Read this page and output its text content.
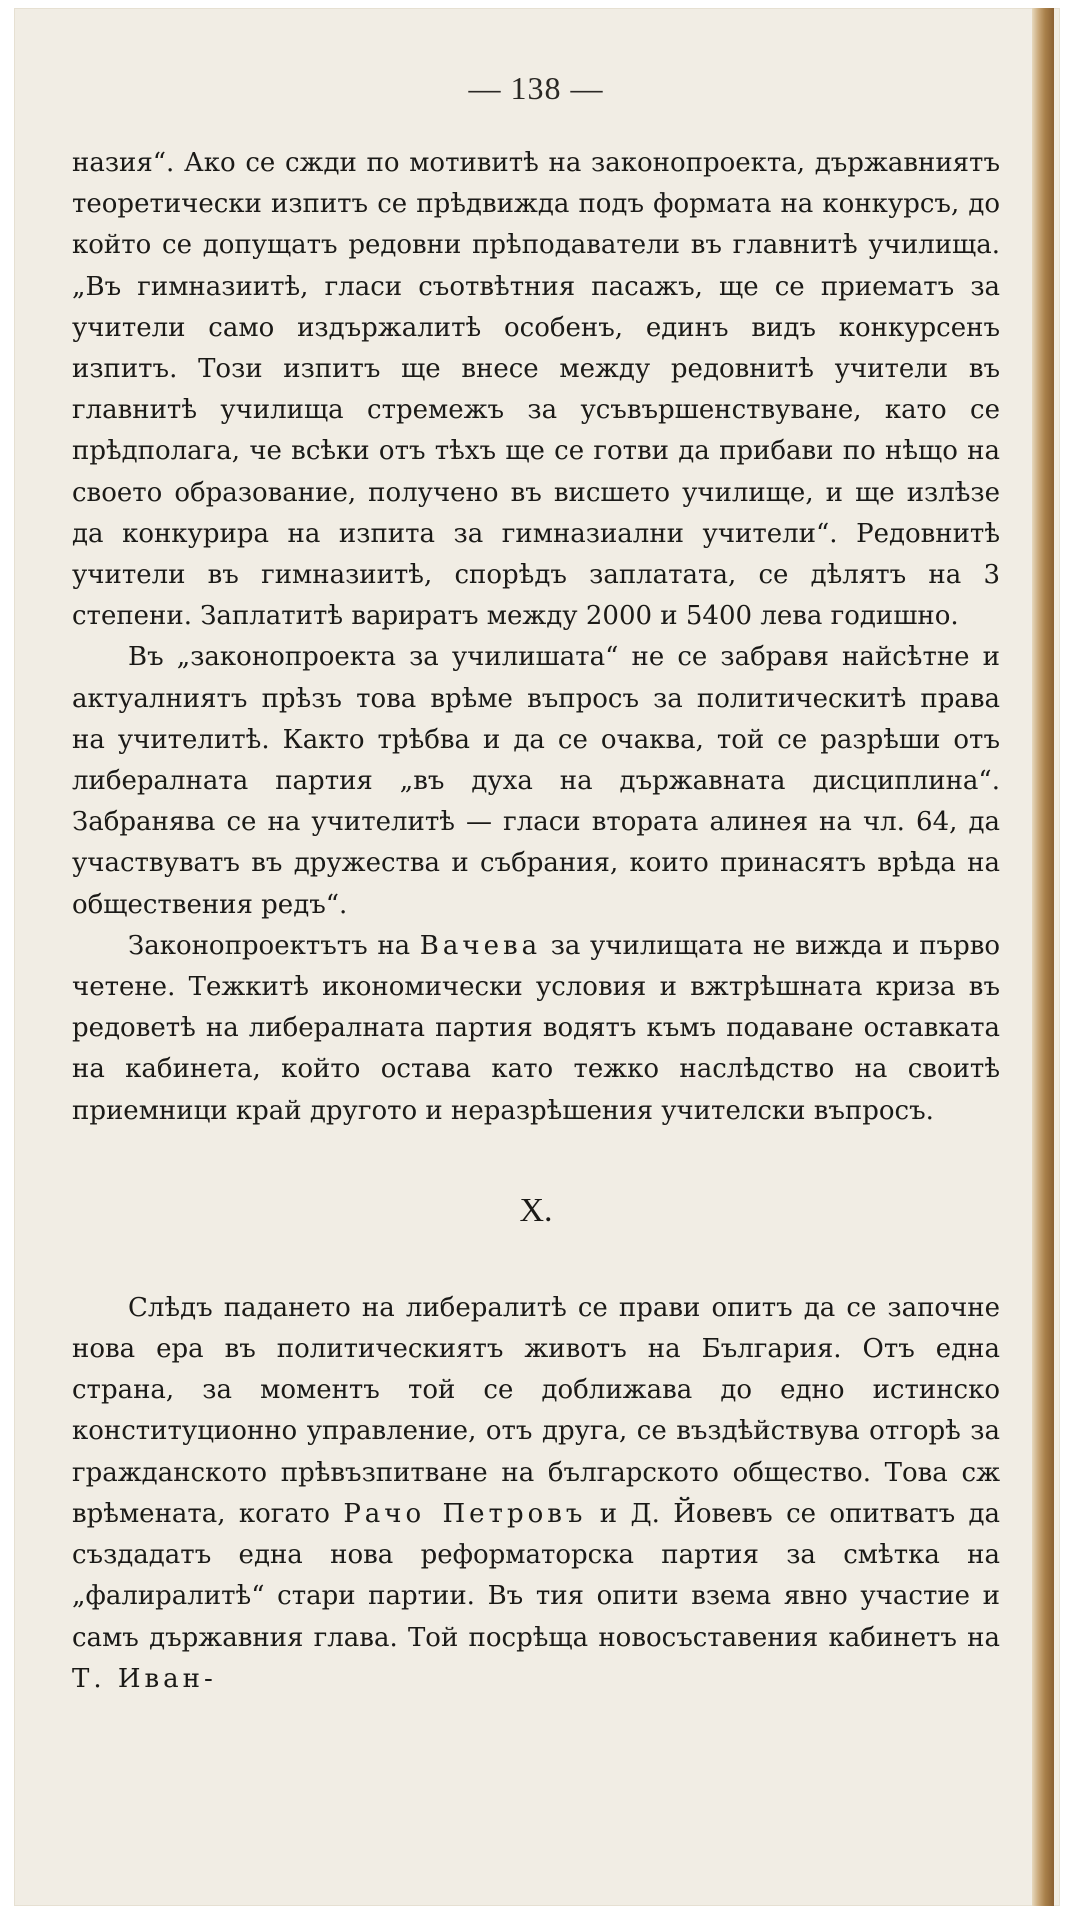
— 138 —

назия“. Ако се сжди по мотивитѣ на законопроекта, държавниятъ теоретически изпитъ се прѣдвижда подъ формата на конкурсъ, до който се допущатъ редовни прѣподаватели въ главнитѣ училища. „Въ гимназиитѣ, гласи съотвѣтния пасажъ, ще се приематъ за учители само издържалитѣ особенъ, единъ видъ конкурсенъ изпитъ. Този изпитъ ще внесе между редовнитѣ учители въ главнитѣ училища стремежъ за усъвършенствуване, като се прѣдполага, че всѣки отъ тѣхъ ще се готви да прибави по нѣщо на своето образование, получено въ висшето училище, и ще излѣзе да конкурира на изпита за гимназиални учители“. Редовнитѣ учители въ гимназиитѣ, спорѣдъ заплатата, се дѣлятъ на 3 степени. Заплатитѣ вариратъ между 2000 и 5400 лева годишно.

Въ „законопроекта за училишата“ не се забравя найсѣтне и актуалниятъ прѣзъ това врѣме въпросъ за политическитѣ права на учителитѣ. Както трѣбва и да се очаква, той се разрѣши отъ либералната партия „въ духа на държавната дисциплина“. Забранява се на учителитѣ — гласи втората алинея на чл. 64, да участвуватъ въ дружества и събрания, които принасятъ врѣда на обществения редъ“.

Законопроектътъ на Вачева за училищата не вижда и първо четене. Тежкитѣ икономически условия и вжтрѣшната криза въ редоветѣ на либералната партия водятъ къмъ подаване оставката на кабинета, който остава като тежко наслѣдство на своитѣ приемници край другото и неразрѣшения учителски въпросъ.

X.

Слѣдъ падането на либералитѣ се прави опитъ да се започне нова ера въ политическиятъ животъ на България. Отъ една страна, за моментъ той се доближава до едно истинско конституционно управление, отъ друга, се въздѣйствува отгорѣ за гражданското прѣвъзпитване на българското общество. Това сж врѣмената, когато Рачо Петровъ и Д. Йовевъ се опитватъ да създадатъ една нова реформаторска партия за смѣтка на „фалиралитѣ“ стари партии. Въ тия опити взема явно участие и самъ държавния глава. Той посрѣща новосъставения кабинетъ на Т. Иван-
